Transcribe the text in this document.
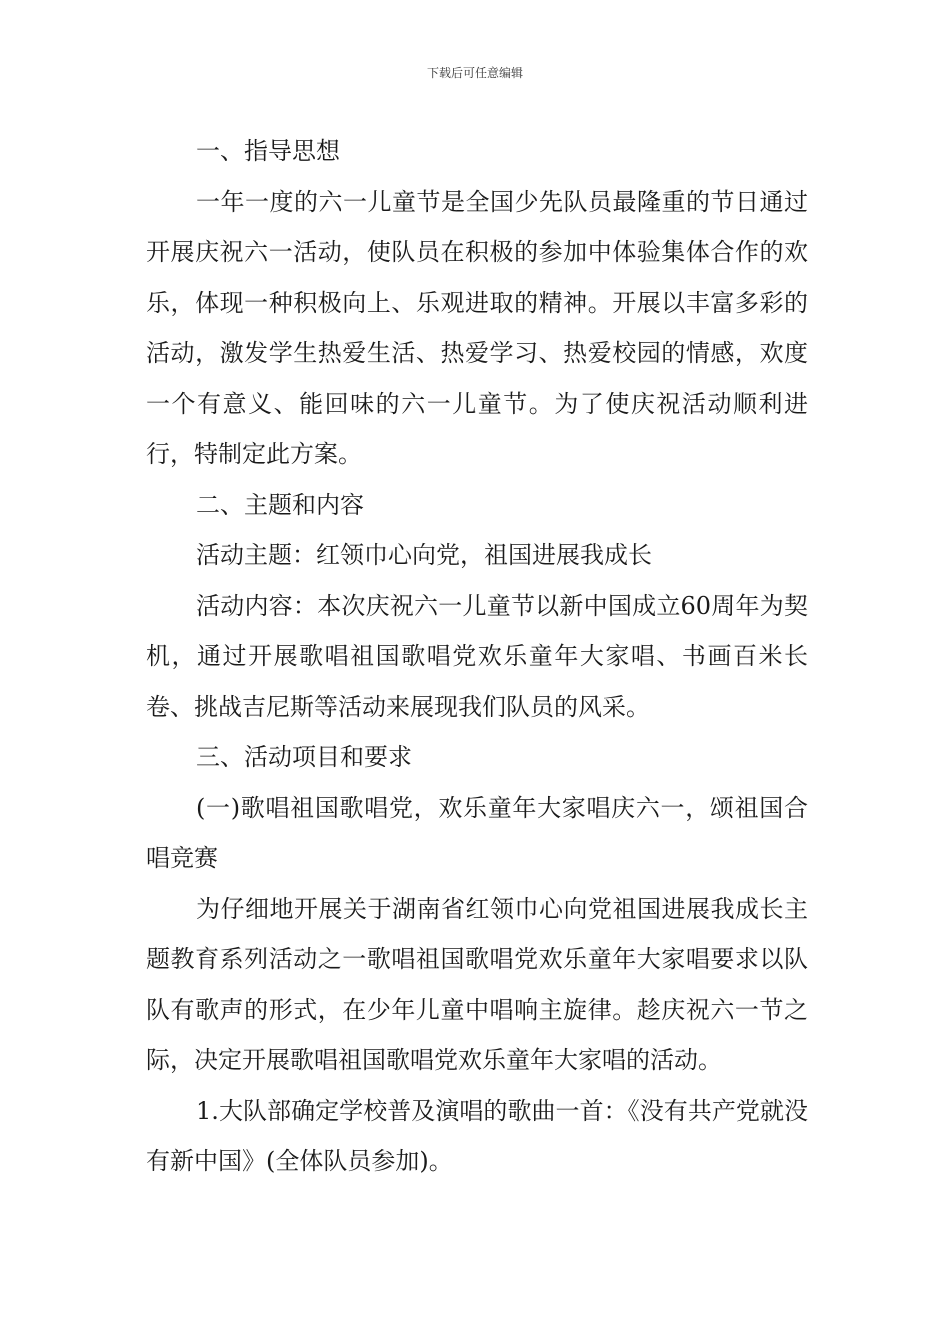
下载后可任意编辑

一、指导思想

一年一度的六一儿童节是全国少先队员最隆重的节日通过开展庆祝六一活动，使队员在积极的参加中体验集体合作的欢乐，体现一种积极向上、乐观进取的精神。开展以丰富多彩的活动，激发学生热爱生活、热爱学习、热爱校园的情感，欢度一个有意义、能回味的六一儿童节。为了使庆祝活动顺利进行，特制定此方案。

二、主题和内容

活动主题：红领巾心向党，祖国进展我成长

活动内容：本次庆祝六一儿童节以新中国成立60周年为契机，通过开展歌唱祖国歌唱党欢乐童年大家唱、书画百米长卷、挑战吉尼斯等活动来展现我们队员的风采。

三、活动项目和要求

(一)歌唱祖国歌唱党，欢乐童年大家唱庆六一，颂祖国合唱竞赛

为仔细地开展关于湖南省红领巾心向党祖国进展我成长主题教育系列活动之一歌唱祖国歌唱党欢乐童年大家唱要求以队队有歌声的形式，在少年儿童中唱响主旋律。趁庆祝六一节之际，决定开展歌唱祖国歌唱党欢乐童年大家唱的活动。

1.大队部确定学校普及演唱的歌曲一首：《没有共产党就没有新中国》(全体队员参加)。
